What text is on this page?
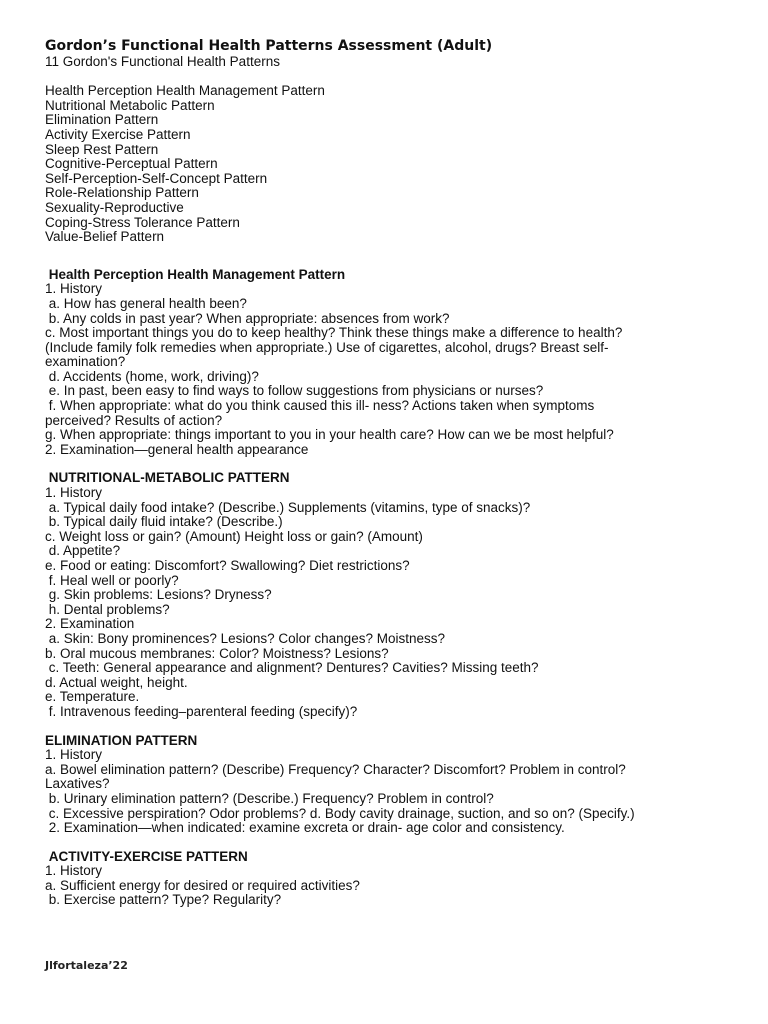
Gordon’s Functional Health Patterns Assessment (Adult)

11 Gordon's Functional Health Patterns

Health Perception Health Management Pattern

Nutritional Metabolic Pattern

Elimination Pattern

Activity Exercise Pattern

Sleep Rest Pattern

Cognitive-Perceptual Pattern

Self-Perception-Self-Concept Pattern

Role-Relationship Pattern

Sexuality-Reproductive

Coping-Stress Tolerance Pattern

Value-Belief Pattern

Health Perception Health Management Pattern

1. History

a. How has general health been?

b. Any colds in past year? When appropriate: absences from work?

c. Most important things you do to keep healthy? Think these things make a difference to health?

(Include family folk remedies when appropriate.) Use of cigarettes, alcohol, drugs? Breast self-

examination?

d. Accidents (home, work, driving)?

e. In past, been easy to find ways to follow suggestions from physicians or nurses?

f. When appropriate: what do you think caused this ill- ness? Actions taken when symptoms

perceived? Results of action?

g. When appropriate: things important to you in your health care? How can we be most helpful?

2. Examination—general health appearance

NUTRITIONAL-METABOLIC PATTERN

1. History

a. Typical daily food intake? (Describe.) Supplements (vitamins, type of snacks)?

b. Typical daily fluid intake? (Describe.)

c. Weight loss or gain? (Amount) Height loss or gain? (Amount)

d. Appetite?

e. Food or eating: Discomfort? Swallowing? Diet restrictions?

f. Heal well or poorly?

g. Skin problems: Lesions? Dryness?

h. Dental problems?

2. Examination

a. Skin: Bony prominences? Lesions? Color changes? Moistness?

b. Oral mucous membranes: Color? Moistness? Lesions?

c. Teeth: General appearance and alignment? Dentures? Cavities? Missing teeth?

d. Actual weight, height.

e. Temperature.

f. Intravenous feeding–parenteral feeding (specify)?

ELIMINATION PATTERN

1. History

a. Bowel elimination pattern? (Describe) Frequency? Character? Discomfort? Problem in control?

Laxatives?

b. Urinary elimination pattern? (Describe.) Frequency? Problem in control?

c. Excessive perspiration? Odor problems? d. Body cavity drainage, suction, and so on? (Specify.)

2. Examination—when indicated: examine excreta or drain- age color and consistency.

ACTIVITY-EXERCISE PATTERN

1. History

a. Sufficient energy for desired or required activities?

b. Exercise pattern? Type? Regularity?

Jlfortaleza’22
